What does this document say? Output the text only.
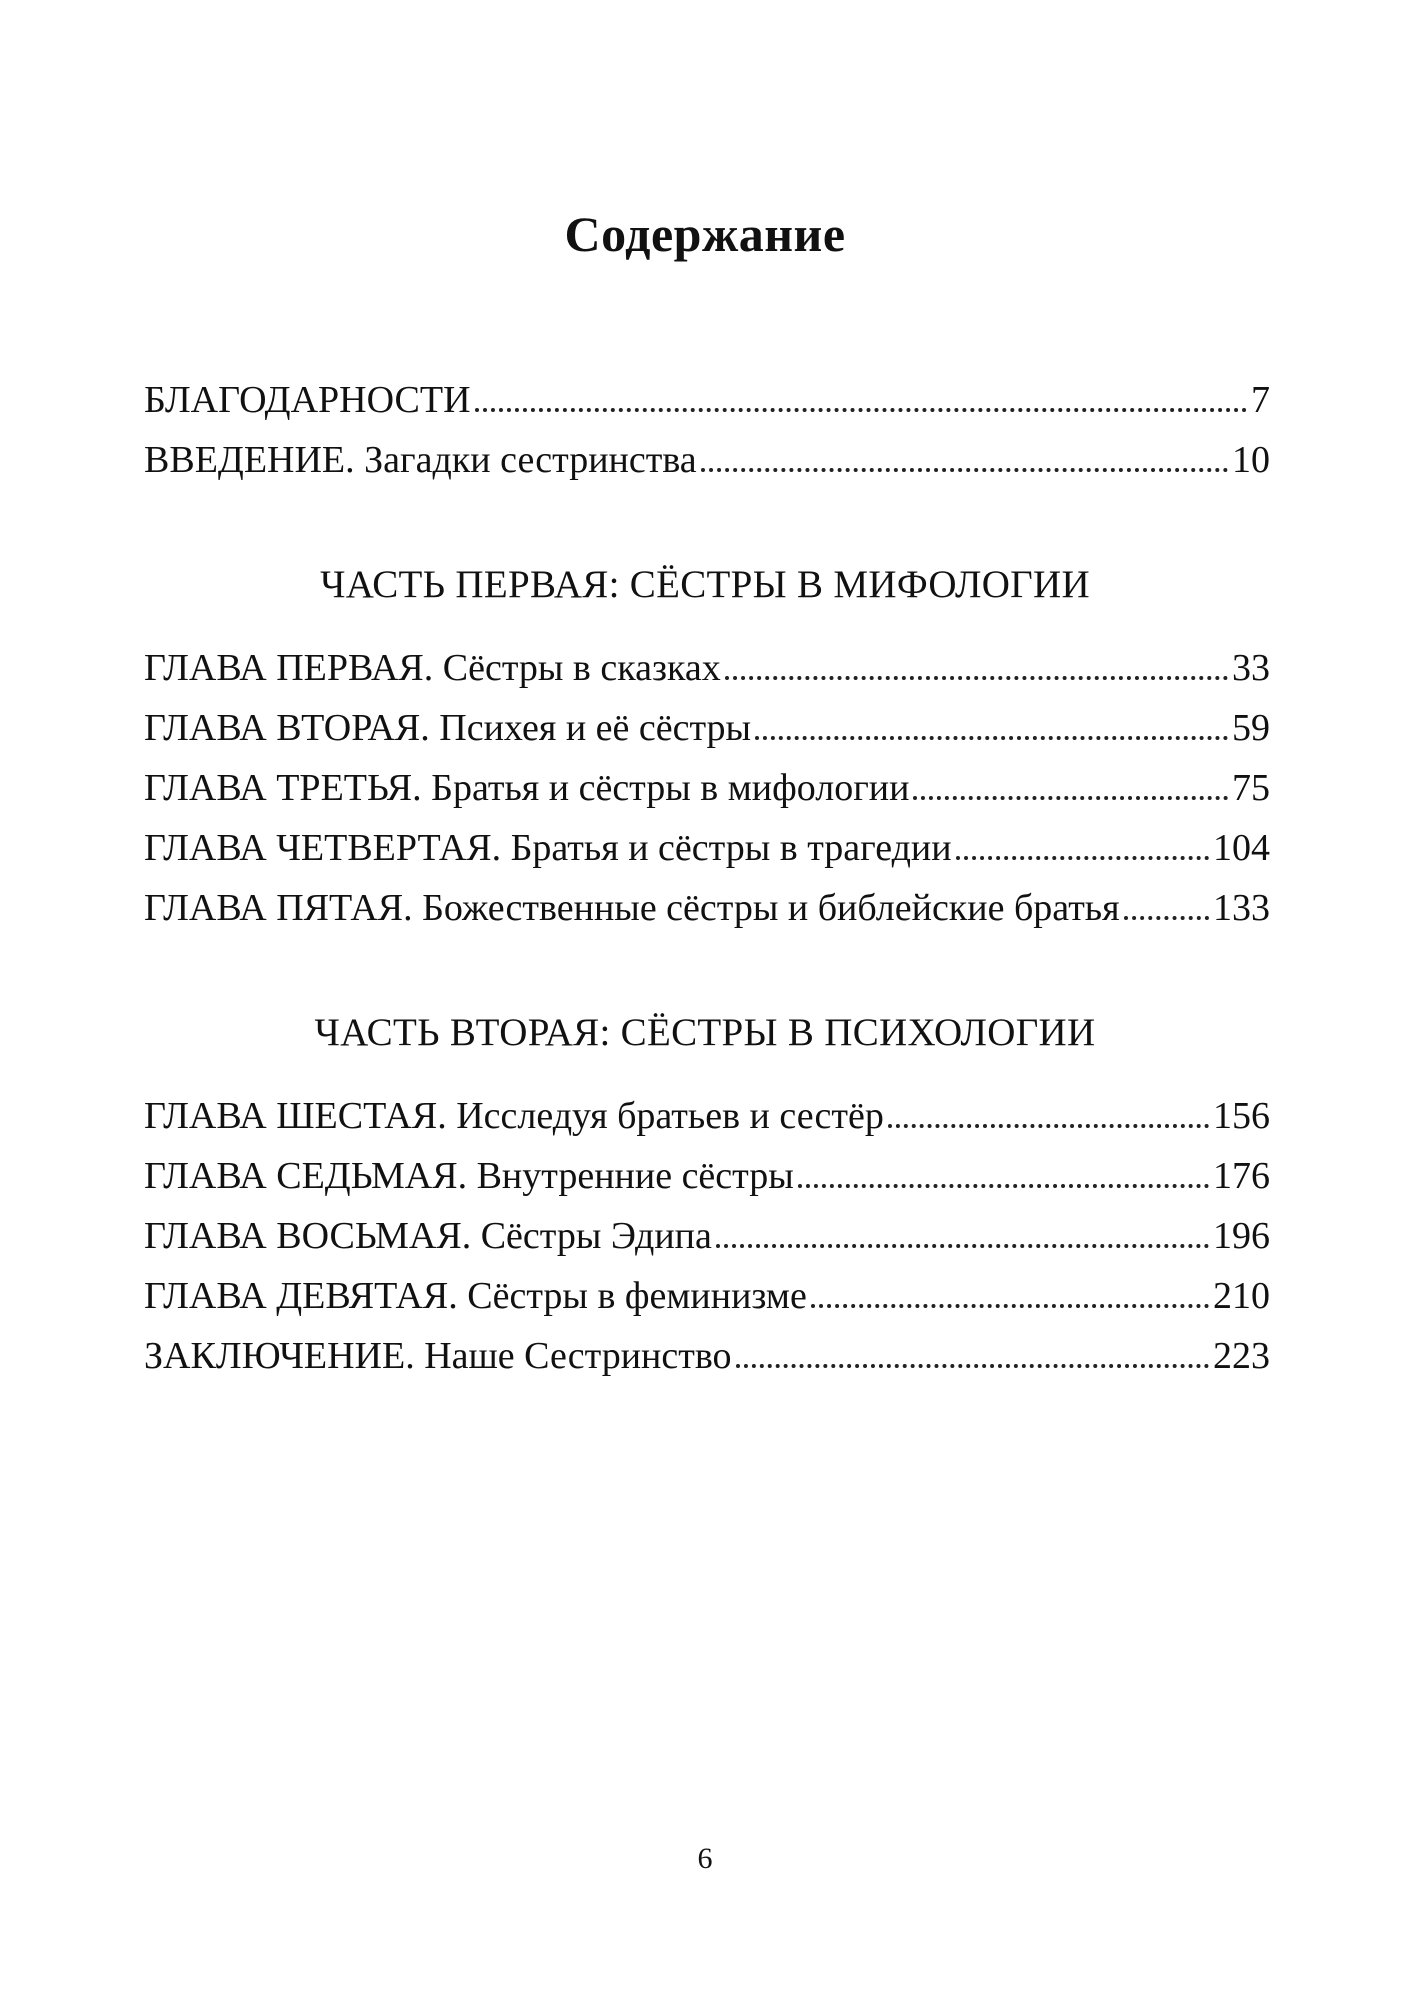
Содержание
БЛАГОДАРНОСТИ	7
ВВЕДЕНИЕ. Загадки сестринства	10
ЧАСТЬ ПЕРВАЯ: СЁСТРЫ В МИФОЛОГИИ
ГЛАВА ПЕРВАЯ. Сёстры в сказках	33
ГЛАВА ВТОРАЯ. Психея и её сёстры	59
ГЛАВА ТРЕТЬЯ. Братья и сёстры в мифологии	75
ГЛАВА ЧЕТВЕРТАЯ. Братья и сёстры в трагедии	104
ГЛАВА ПЯТАЯ. Божественные сёстры и библейские братья 133
ЧАСТЬ ВТОРАЯ: СЁСТРЫ В ПСИХОЛОГИИ
ГЛАВА ШЕСТАЯ. Исследуя братьев и сестёр	156
ГЛАВА СЕДЬМАЯ. Внутренние сёстры	176
ГЛАВА ВОСЬМАЯ. Сёстры Эдипа	196
ГЛАВА ДЕВЯТАЯ. Сёстры в феминизме	210
ЗАКЛЮЧЕНИЕ. Наше Сестринство	223
6
